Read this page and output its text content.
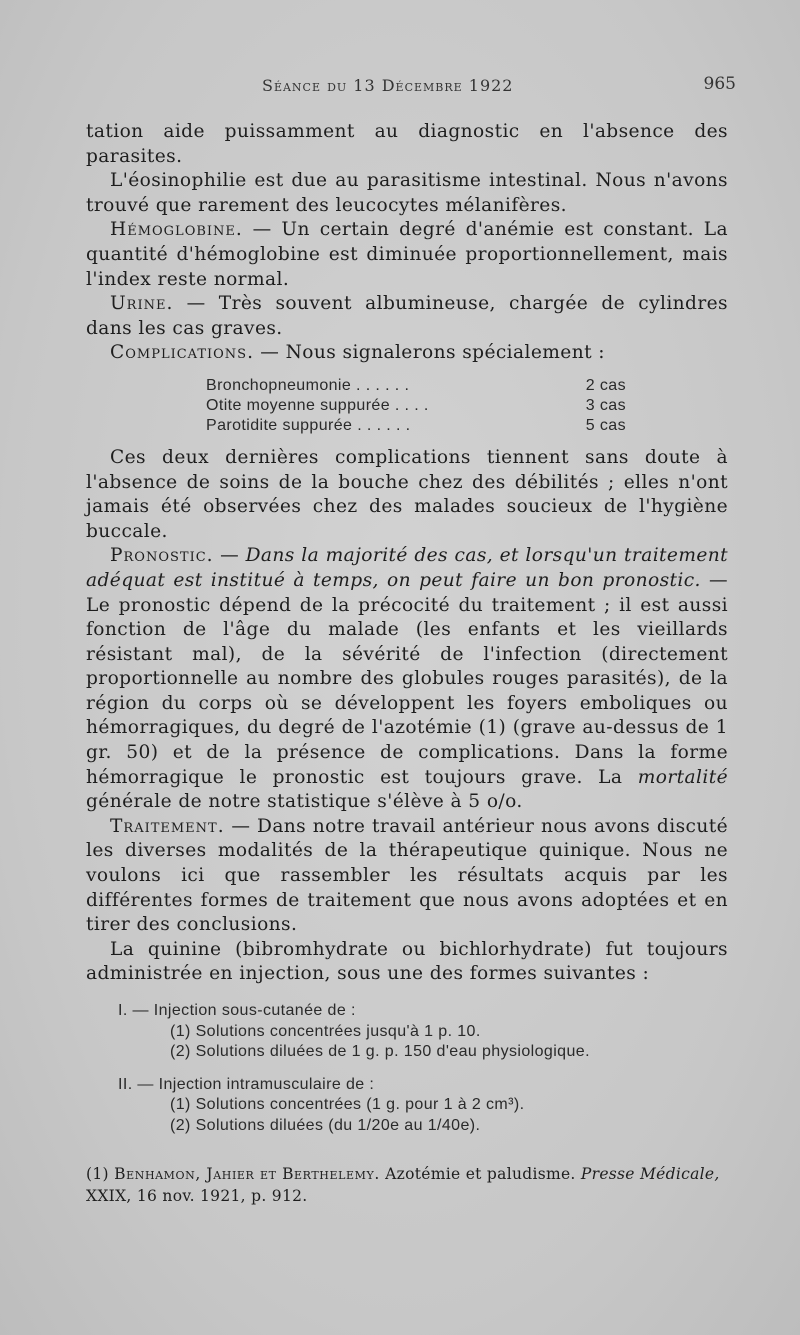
Séance du 13 Décembre 1922	965

tation aide puissamment au diagnostic en l'absence des parasites.

L'éosinophilie est due au parasitisme intestinal. Nous n'avons trouvé que rarement des leucocytes mélanifères.

Hémoglobine. — Un certain degré d'anémie est constant. La quantité d'hémoglobine est diminuée proportionnellement, mais l'index reste normal.

Urine. — Très souvent albumineuse, chargée de cylindres dans les cas graves.

Complications. — Nous signalerons spécialement :

Bronchopneumonie . . . . . .	2 cas
Otite moyenne suppurée . . . .	3 cas
Parotidite suppurée . . . . . .	5 cas

Ces deux dernières complications tiennent sans doute à l'absence de soins de la bouche chez des débilités ; elles n'ont jamais été observées chez des malades soucieux de l'hygiène buccale.

Pronostic. — Dans la majorité des cas, et lorsqu'un traitement adéquat est institué à temps, on peut faire un bon pronostic. — Le pronostic dépend de la précocité du traitement ; il est aussi fonction de l'âge du malade (les enfants et les vieillards résistant mal), de la sévérité de l'infection (directement proportionnelle au nombre des globules rouges parasités), de la région du corps où se développent les foyers emboliques ou hémorragiques, du degré de l'azotémie (1) (grave au-dessus de 1 gr. 50) et de la présence de complications. Dans la forme hémorragique le pronostic est toujours grave. La mortalité générale de notre statistique s'élève à 5 o/o.

Traitement. — Dans notre travail antérieur nous avons discuté les diverses modalités de la thérapeutique quinique. Nous ne voulons ici que rassembler les résultats acquis par les différentes formes de traitement que nous avons adoptées et en tirer des conclusions.

La quinine (bibromhydrate ou bichlorhydrate) fut toujours administrée en injection, sous une des formes suivantes :

I. — Injection sous-cutanée de :
(1) Solutions concentrées jusqu'à 1 p. 10.
(2) Solutions diluées de 1 g. p. 150 d'eau physiologique.
II. — Injection intramusculaire de :
(1) Solutions concentrées (1 g. pour 1 à 2 cm³).
(2) Solutions diluées (du 1/20e au 1/40e).
(1) Benhamon, Jahier et Berthelemy. Azotémie et paludisme. Presse Médicale, XXIX, 16 nov. 1921, p. 912.
